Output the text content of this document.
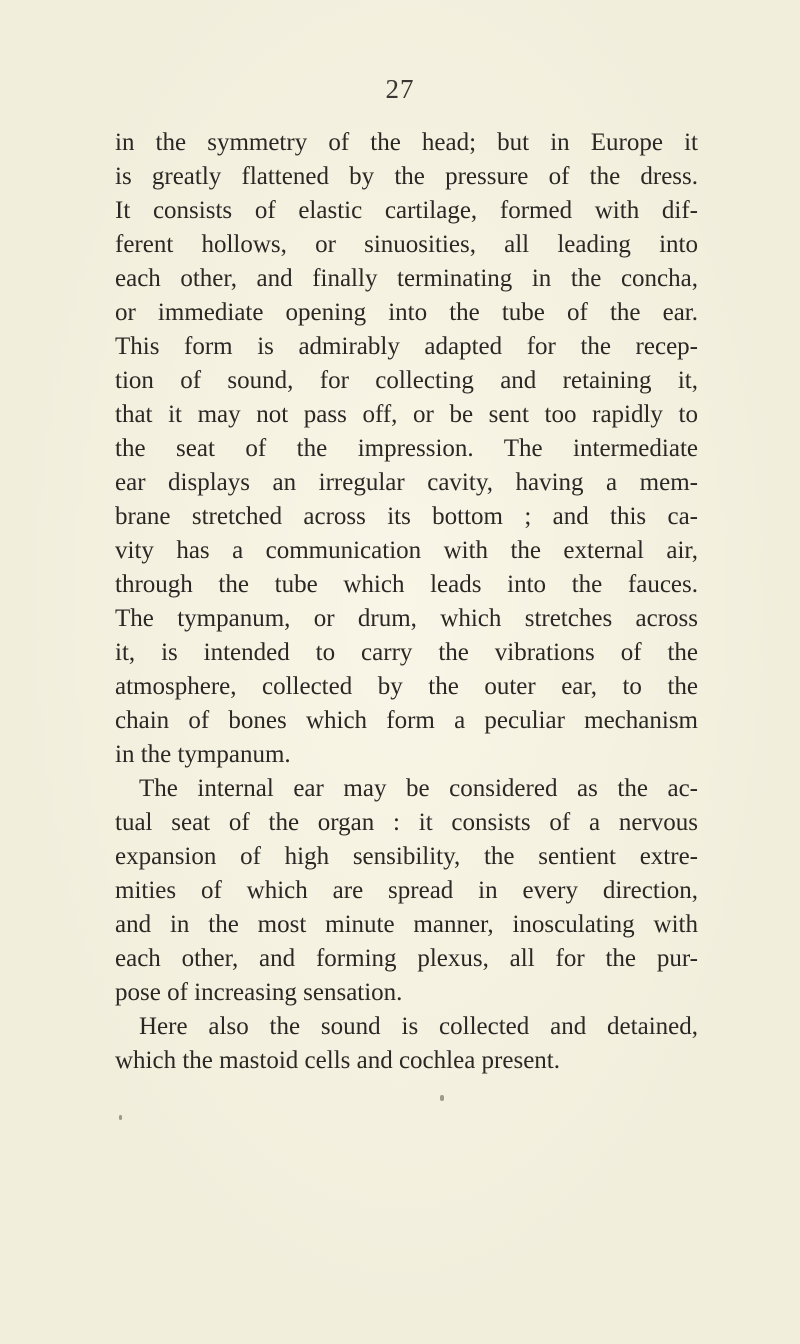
27
in the symmetry of the head; but in Europe it
is greatly flattened by the pressure of the dress.
It consists of elastic cartilage, formed with dif-
ferent hollows, or sinuosities, all leading into
each other, and finally terminating in the concha,
or immediate opening into the tube of the ear.
This form is admirably adapted for the recep-
tion of sound, for collecting and retaining it,
that it may not pass off, or be sent too rapidly to
the seat of the impression. The intermediate
ear displays an irregular cavity, having a mem-
brane stretched across its bottom ; and this ca-
vity has a communication with the external air,
through the tube which leads into the fauces.
The tympanum, or drum, which stretches across
it, is intended to carry the vibrations of the
atmosphere, collected by the outer ear, to the
chain of bones which form a peculiar mechanism
in the tympanum.
The internal ear may be considered as the ac-
tual seat of the organ : it consists of a nervous
expansion of high sensibility, the sentient extre-
mities of which are spread in every direction,
and in the most minute manner, inosculating with
each other, and forming plexus, all for the pur-
pose of increasing sensation.
Here also the sound is collected and detained,
which the mastoid cells and cochlea present.
